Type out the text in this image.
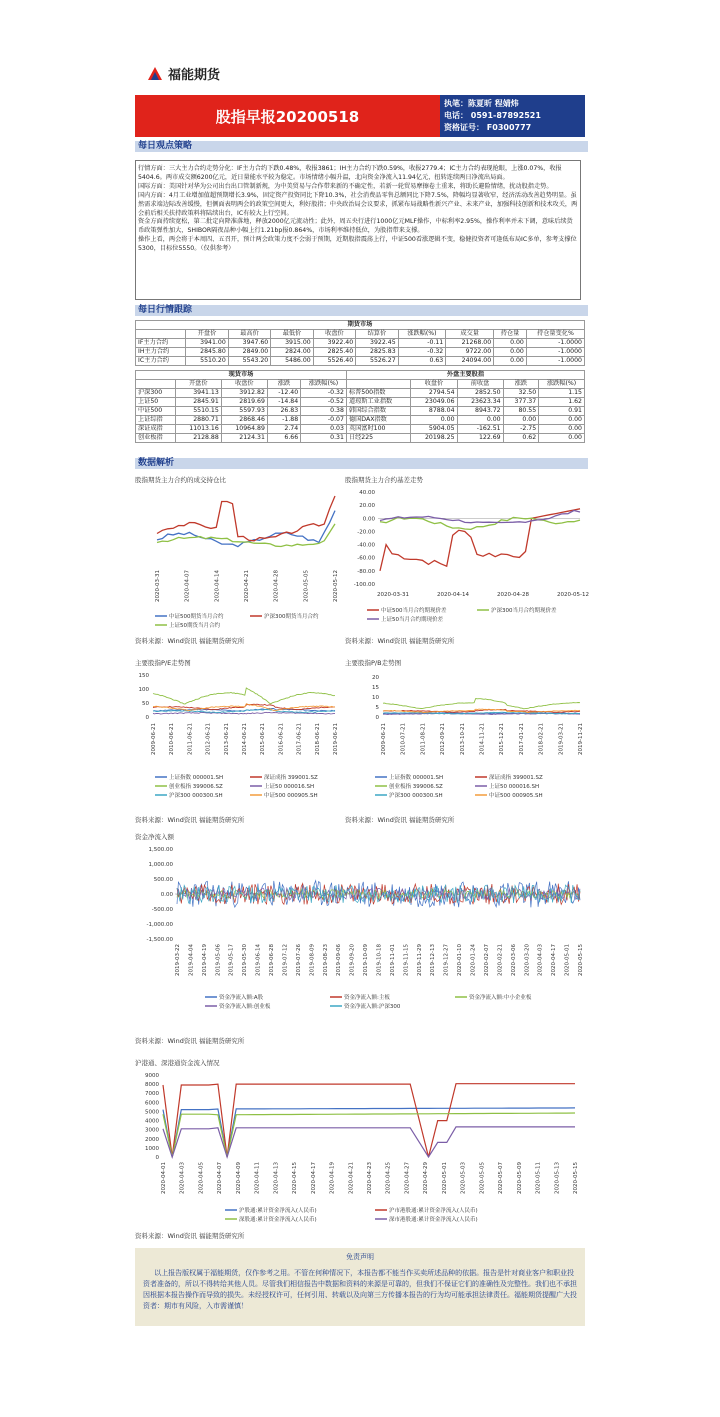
福能期货
股指早报20200518
执笔：陈夏昕 程婧炜
电话： 0591-87892521
资格证号： F0300777
每日观点策略

行情方面：三大主力合约走势分化：IF主力合约下跌0.48%，收报3861；IH主力合约下跌0.59%，收报2779.4；IC主力合约表现抢眼，上涨0.07%，收报5404.6。两市成交额6200亿元，近日量能水平较为稳定。市场情绪小幅升温，北向资金净流入11.94亿元，扭转连续两日净流出局面。

国际方面：美国针对华为公司出台出口管制新规，为中美贸易与合作带来新的不确定性，若新一轮贸易摩擦卷土重来，将助长避险情绪，扰动股指走势。

国内方面：4月工业增加值超预期增长3.9%，固定资产投资同比下降10.3%，社会消费品零售总额同比下降7.5%，降幅均显著收窄，经济活动改善趋势明显。虽然需求端边际改善缓慢，但侧面表明两会的政策空间更大，利好股指；中央政治局会议要求，抓紧布局战略性新兴产业、未来产业，加强科技创新和技术攻关，两会前后相关扶持政策料将陆续出台，IC有较大上行空间。

资金方面持续宽松，第二批定向降准落地，释放2000亿元流动性；此外，周五央行进行1000亿元MLF操作，中标利率2.95%，操作利率并未下调，意味后续货币政策弹性加大，SHIBOR隔夜品种小幅上行1.21bp报0.864%，市场利率维持低位，为股指带来支撑。

操作上看，两会将于本周四、五召开，预计两会政策力度不会弱于预期，近期股指震荡上行，中证500看涨逻辑不变，稳健投资者可逢低布局IC多单，参考支撑位5300，目标位5550。（仅供参考）

每日行情跟踪
期货市场									
	开盘价	最高价	最低价	收盘价	结算价	涨跌幅(%)	成交量	持仓量	持仓量变化%
IF主力合约	3941.00	3947.60	3915.00	3922.40	3922.45	-0.11	21268.00	0.00	-1.0000
IH主力合约	2845.80	2849.00	2824.00	2825.40	2825.83	-0.32	9722.00	0.00	-1.0000
IC主力合约	5510.20	5543.20	5486.00	5526.40	5526.27	0.63	24094.00	0.00	-1.0000
现货市场					外盘主要股指				
	开盘价	收盘价	涨跌	涨跌幅(%)		收盘价	前收盘	涨跌	涨跌幅(%)
沪深300	3941.13	3912.82	-12.40	-0.32	标普500指数	2794.54	2852.50	32.50	1.15
上证50	2845.91	2819.69	-14.84	-0.52	道琼斯工业指数	23049.06	23623.34	377.37	1.62
中证500	5510.15	5597.93	26.83	0.38	韩国综合指数	8788.04	8943.72	80.55	0.91
上证综指	2880.71	2868.46	-1.88	-0.07	德国DAX指数	0.00	0.00	0.00	0.00
深证成指	11013.16	10964.89	2.74	0.03	英国富时100	5904.05	-162.51	-2.75	0.00
创业板指	2128.88	2124.31	6.66	0.31	日经225	20198.25	122.69	0.62	0.00
数据解析
股指期货主力合约的成交持仓比
2020-03-31	2020-04-07	2020-04-14	2020-04-21	2020-04-28	2020-05-05	2020-05-12
中证500期货当月合约	沪深300期货当月合约
上证50期货当月合约
资料来源：Wind资讯 福能期货研究所
股指期货主力合约基差走势
40.00
20.00
0.00
-20.00
-40.00
-60.00
-80.00
-100.00
2020-03-31	2020-04-14	2020-04-28	2020-05-12
中证500当月合约期现价差	沪深300当月合约期现价差
上证50当月合约期现价差
资料来源：Wind资讯 福能期货研究所
主要股指P/E走势图
150
100
50
0
2009-06-21 2010-06-21 2011-06-21 2012-06-21 2013-06-21 2014-06-21 2015-06-21 2016-06-21 2017-06-21 2018-06-21 2019-06-21
上证指数 000001.SH	深证成指 399001.SZ
创业板指 399006.SZ	上证50 000016.SH
沪深300 000300.SH	中证500 000905.SH
资料来源：Wind资讯 福能期货研究所
主要股指P/B走势图
20
15
10
5
0
2009-06-21 2010-07-21 2011-08-21 2012-09-21 2013-10-21 2014-11-21 2015-12-21 2017-01-21 2018-02-21 2019-03-21 2019-11-21
上证指数 000001.SH	深证成指 399001.SZ
创业板指 399006.SZ	上证50 000016.SH
沪深300 000300.SH	中证500 000905.SH
资料来源：Wind资讯 福能期货研究所
资金净流入额
1,500.00
1,000.00
500.00
0.00
-500.00
-1,000.00
-1,500.00
2019-03-22 2019-04-04 2019-04-19 2019-05-06 2019-05-17 2019-05-30 2019-06-14 2019-06-28 2019-07-12 2019-07-26 2019-08-09 2019-08-23 2019-09-06 2019-09-20 2019-10-09 2019-10-18 2019-11-01 2019-11-15 2019-11-29 2019-12-13 2019-12-27 2020-01-10 2020-01-24 2020-02-07 2020-02-21 2020-03-06 2020-03-20 2020-04-03 2020-04-17 2020-05-01 2020-05-15
资金净流入额:A股	资金净流入额:主板	资金净流入额:中小企业板
资金净流入额:创业板	资金净流入额:沪深300
资料来源：Wind资讯 福能期货研究所
沪港通、深港通资金流入情况
9000
8000
7000
6000
5000
4000
3000
2000
1000
0
2020-04-01 2020-04-03 2020-04-05 2020-04-07 2020-04-09 2020-04-11 2020-04-13 2020-04-15 2020-04-17 2020-04-19 2020-04-21 2020-04-23 2020-04-25 2020-04-27 2020-04-29 2020-05-01 2020-05-03 2020-05-05 2020-05-07 2020-05-09 2020-05-11 2020-05-13 2020-05-15
沪股通:累计资金净流入(人民币)	沪市港股通:累计资金净流入(人民币)
深股通:累计资金净流入(人民币)	深市港股通:累计资金净流入(人民币)
资料来源：Wind资讯 福能期货研究所
免责声明
以上报告版权属于福能期货，仅作参考之用。不管在何种情况下，本报告都不能当作买卖所述品种的依据。报告是针对商业客户和职业投资者准备的，所以不得转给其他人员。尽管我们相信报告中数据和资料的来源是可靠的，但我们不保证它们的准确性及完整性。我们也不承担因根据本报告操作而导致的损失。未经授权许可，任何引用、转载以及向第三方传播本报告的行为均可能承担法律责任。福能期货提醒广大投资者：期市有风险，入市需谨慎！
